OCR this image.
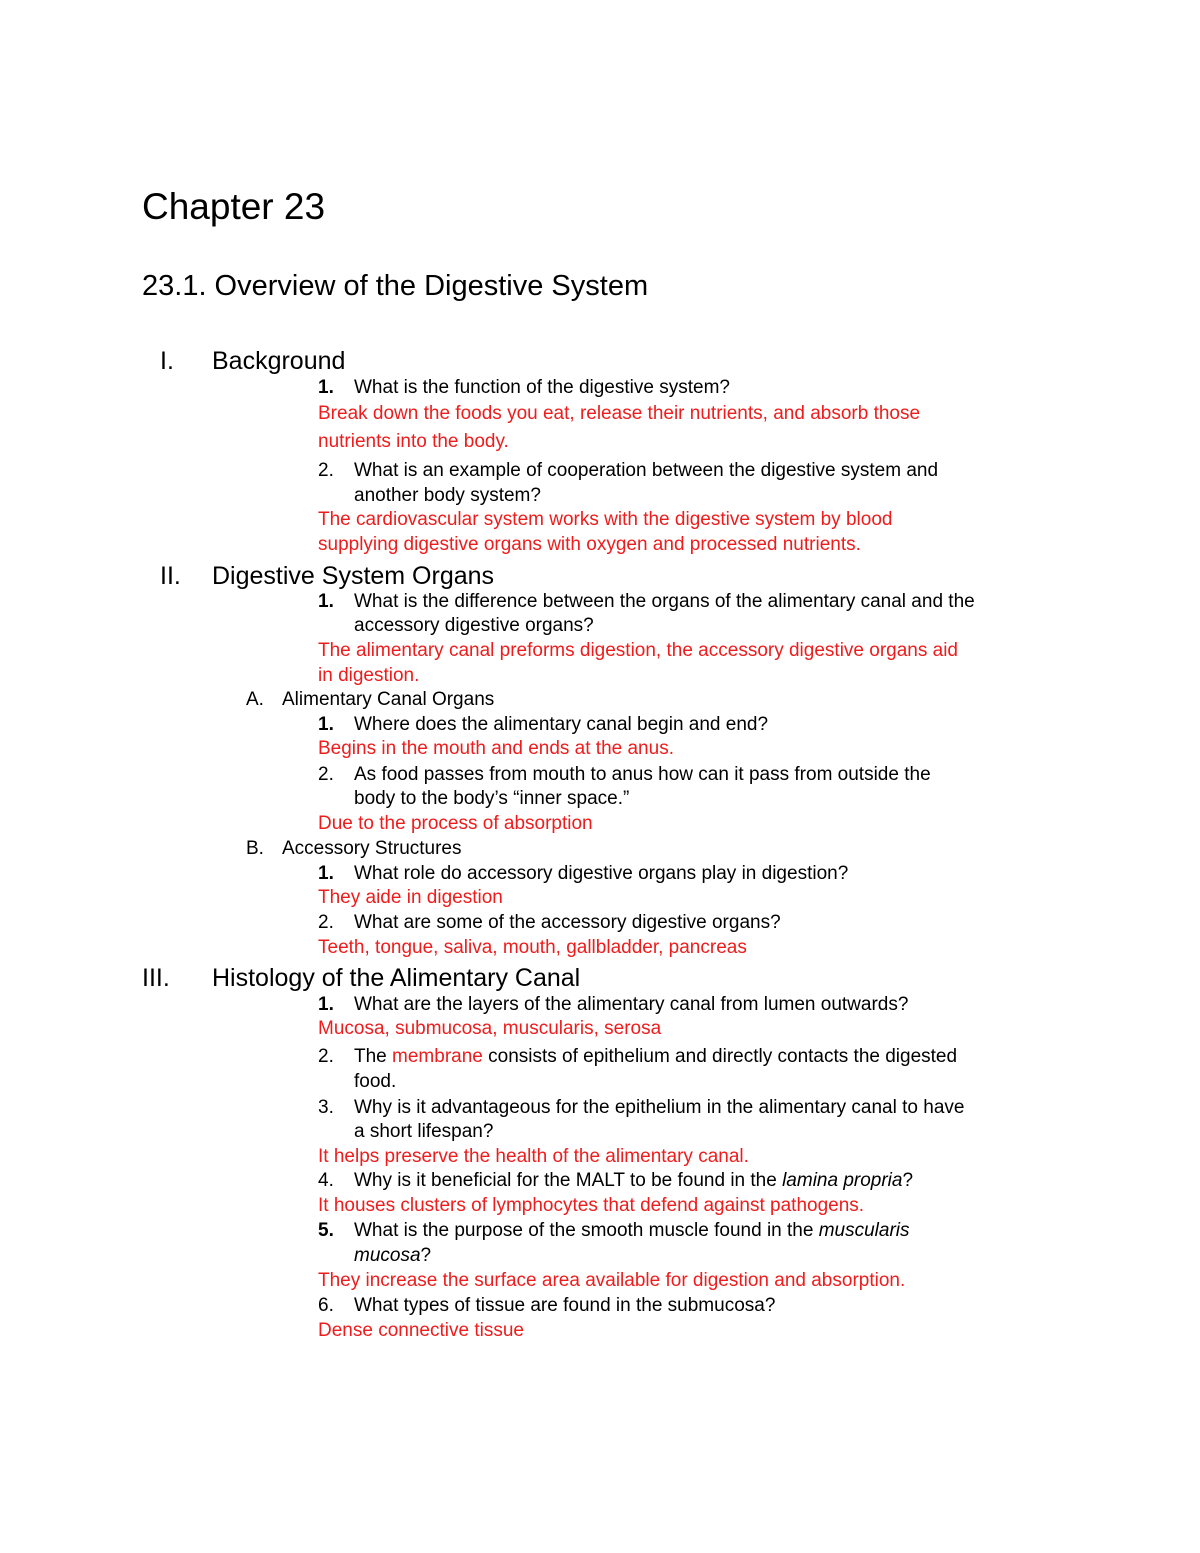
Chapter 23
23.1. Overview of the Digestive System
I. Background
1. What is the function of the digestive system?
Break down the foods you eat, release their nutrients, and absorb those
nutrients into the body.
2. What is an example of cooperation between the digestive system and
another body system?
The cardiovascular system works with the digestive system by blood
supplying digestive organs with oxygen and processed nutrients.
II. Digestive System Organs
1. What is the difference between the organs of the alimentary canal and the
accessory digestive organs?
The alimentary canal preforms digestion, the accessory digestive organs aid
in digestion.
A. Alimentary Canal Organs
1. Where does the alimentary canal begin and end?
Begins in the mouth and ends at the anus.
2. As food passes from mouth to anus how can it pass from outside the
body to the body’s “inner space.”
Due to the process of absorption
B. Accessory Structures
1. What role do accessory digestive organs play in digestion?
They aide in digestion
2. What are some of the accessory digestive organs?
Teeth, tongue, saliva, mouth, gallbladder, pancreas
III. Histology of the Alimentary Canal
1. What are the layers of the alimentary canal from lumen outwards?
Mucosa, submucosa, muscularis, serosa
2. The membrane consists of epithelium and directly contacts the digested
food.
3. Why is it advantageous for the epithelium in the alimentary canal to have
a short lifespan?
It helps preserve the health of the alimentary canal.
4. Why is it beneficial for the MALT to be found in the lamina propria?
It houses clusters of lymphocytes that defend against pathogens.
5. What is the purpose of the smooth muscle found in the muscularis
mucosa?
They increase the surface area available for digestion and absorption.
6. What types of tissue are found in the submucosa?
Dense connective tissue
